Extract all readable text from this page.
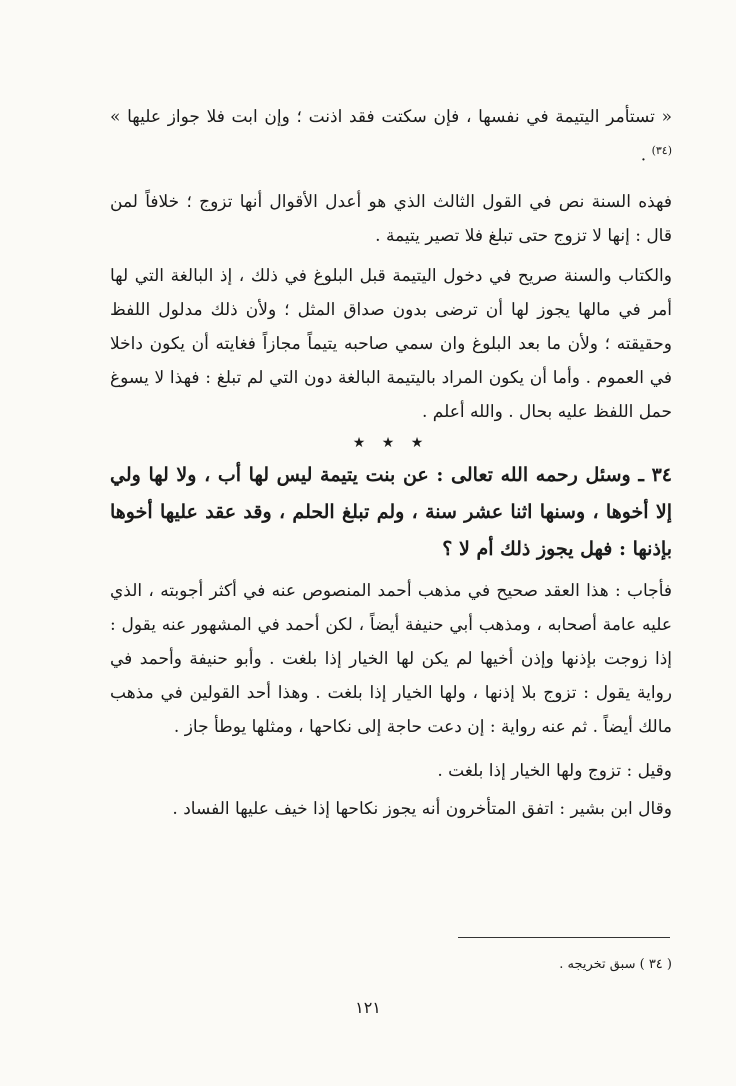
« تستأمر اليتيمة في نفسها ، فإن سكتت فقد اذنت ؛ وإن ابت فلا جواز عليها » $^{(٣٤)}$ .

فهذه السنة نص في القول الثالث الذي هو أعدل الأقوال أنها تزوج ؛ خلافاً لمن قال : إنها لا تزوج حتى تبلغ فلا تصير يتيمة .

والكتاب والسنة صريح في دخول اليتيمة قبل البلوغ في ذلك ، إذ البالغة التي لها أمر في مالها يجوز لها أن ترضى بدون صداق المثل ؛ ولأن ذلك مدلول اللفظ وحقيقته ؛ ولأن ما بعد البلوغ وان سمي صاحبه يتيماً مجازاً فغايته أن يكون داخلا في العموم . وأما أن يكون المراد باليتيمة البالغة دون التي لم تبلغ : فهذا لا يسوغ حمل اللفظ عليه بحال . والله أعلم .

★ ★ ★

٣٤ ـ وسئل رحمه الله تعالى : عن بنت يتيمة ليس لها أب ، ولا لها ولي إلا أخوها ، وسنها اثنا عشر سنة ، ولم تبلغ الحلم ، وقد عقد عليها أخوها بإذنها : فهل يجوز ذلك أم لا ؟

فأجاب : هذا العقد صحيح في مذهب أحمد المنصوص عنه في أكثر أجوبته ، الذي عليه عامة أصحابه ، ومذهب أبي حنيفة أيضاً ، لكن أحمد في المشهور عنه يقول : إذا زوجت بإذنها وإذن أخيها لم يكن لها الخيار إذا بلغت . وأبو حنيفة وأحمد في رواية يقول : تزوج بلا إذنها ، ولها الخيار إذا بلغت . وهذا أحد القولين في مذهب مالك أيضاً . ثم عنه رواية : إن دعت حاجة إلى نكاحها ، ومثلها يوطأ جاز .

وقيل : تزوج ولها الخيار إذا بلغت .

وقال ابن بشير : اتفق المتأخرون أنه يجوز نكاحها إذا خيف عليها الفساد .

( ٣٤ ) سبق تخريجه .
١٢١
